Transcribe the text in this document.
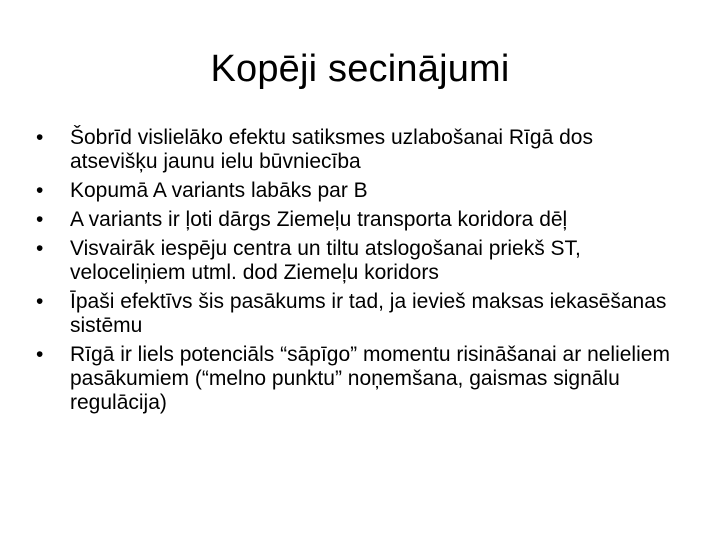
Kopēji secinājumi
•	Šobrīd vislielāko efektu satiksmes uzlabošanai Rīgā dos atsevišķu jaunu ielu būvniecība
•	Kopumā A variants labāks par B
•	A variants ir ļoti dārgs Ziemeļu transporta koridora dēļ
•	Visvairāk iespēju centra un tiltu atslogošanai priekš ST, veloceliņiem utml. dod Ziemeļu koridors
•	Īpaši efektīvs šis pasākums ir tad, ja ievieš maksas iekasēšanas sistēmu
•	Rīgā ir liels potenciāls “sāpīgo” momentu risināšanai ar nelieliem pasākumiem (“melno punktu” noņemšana, gaismas signālu regulācija)
